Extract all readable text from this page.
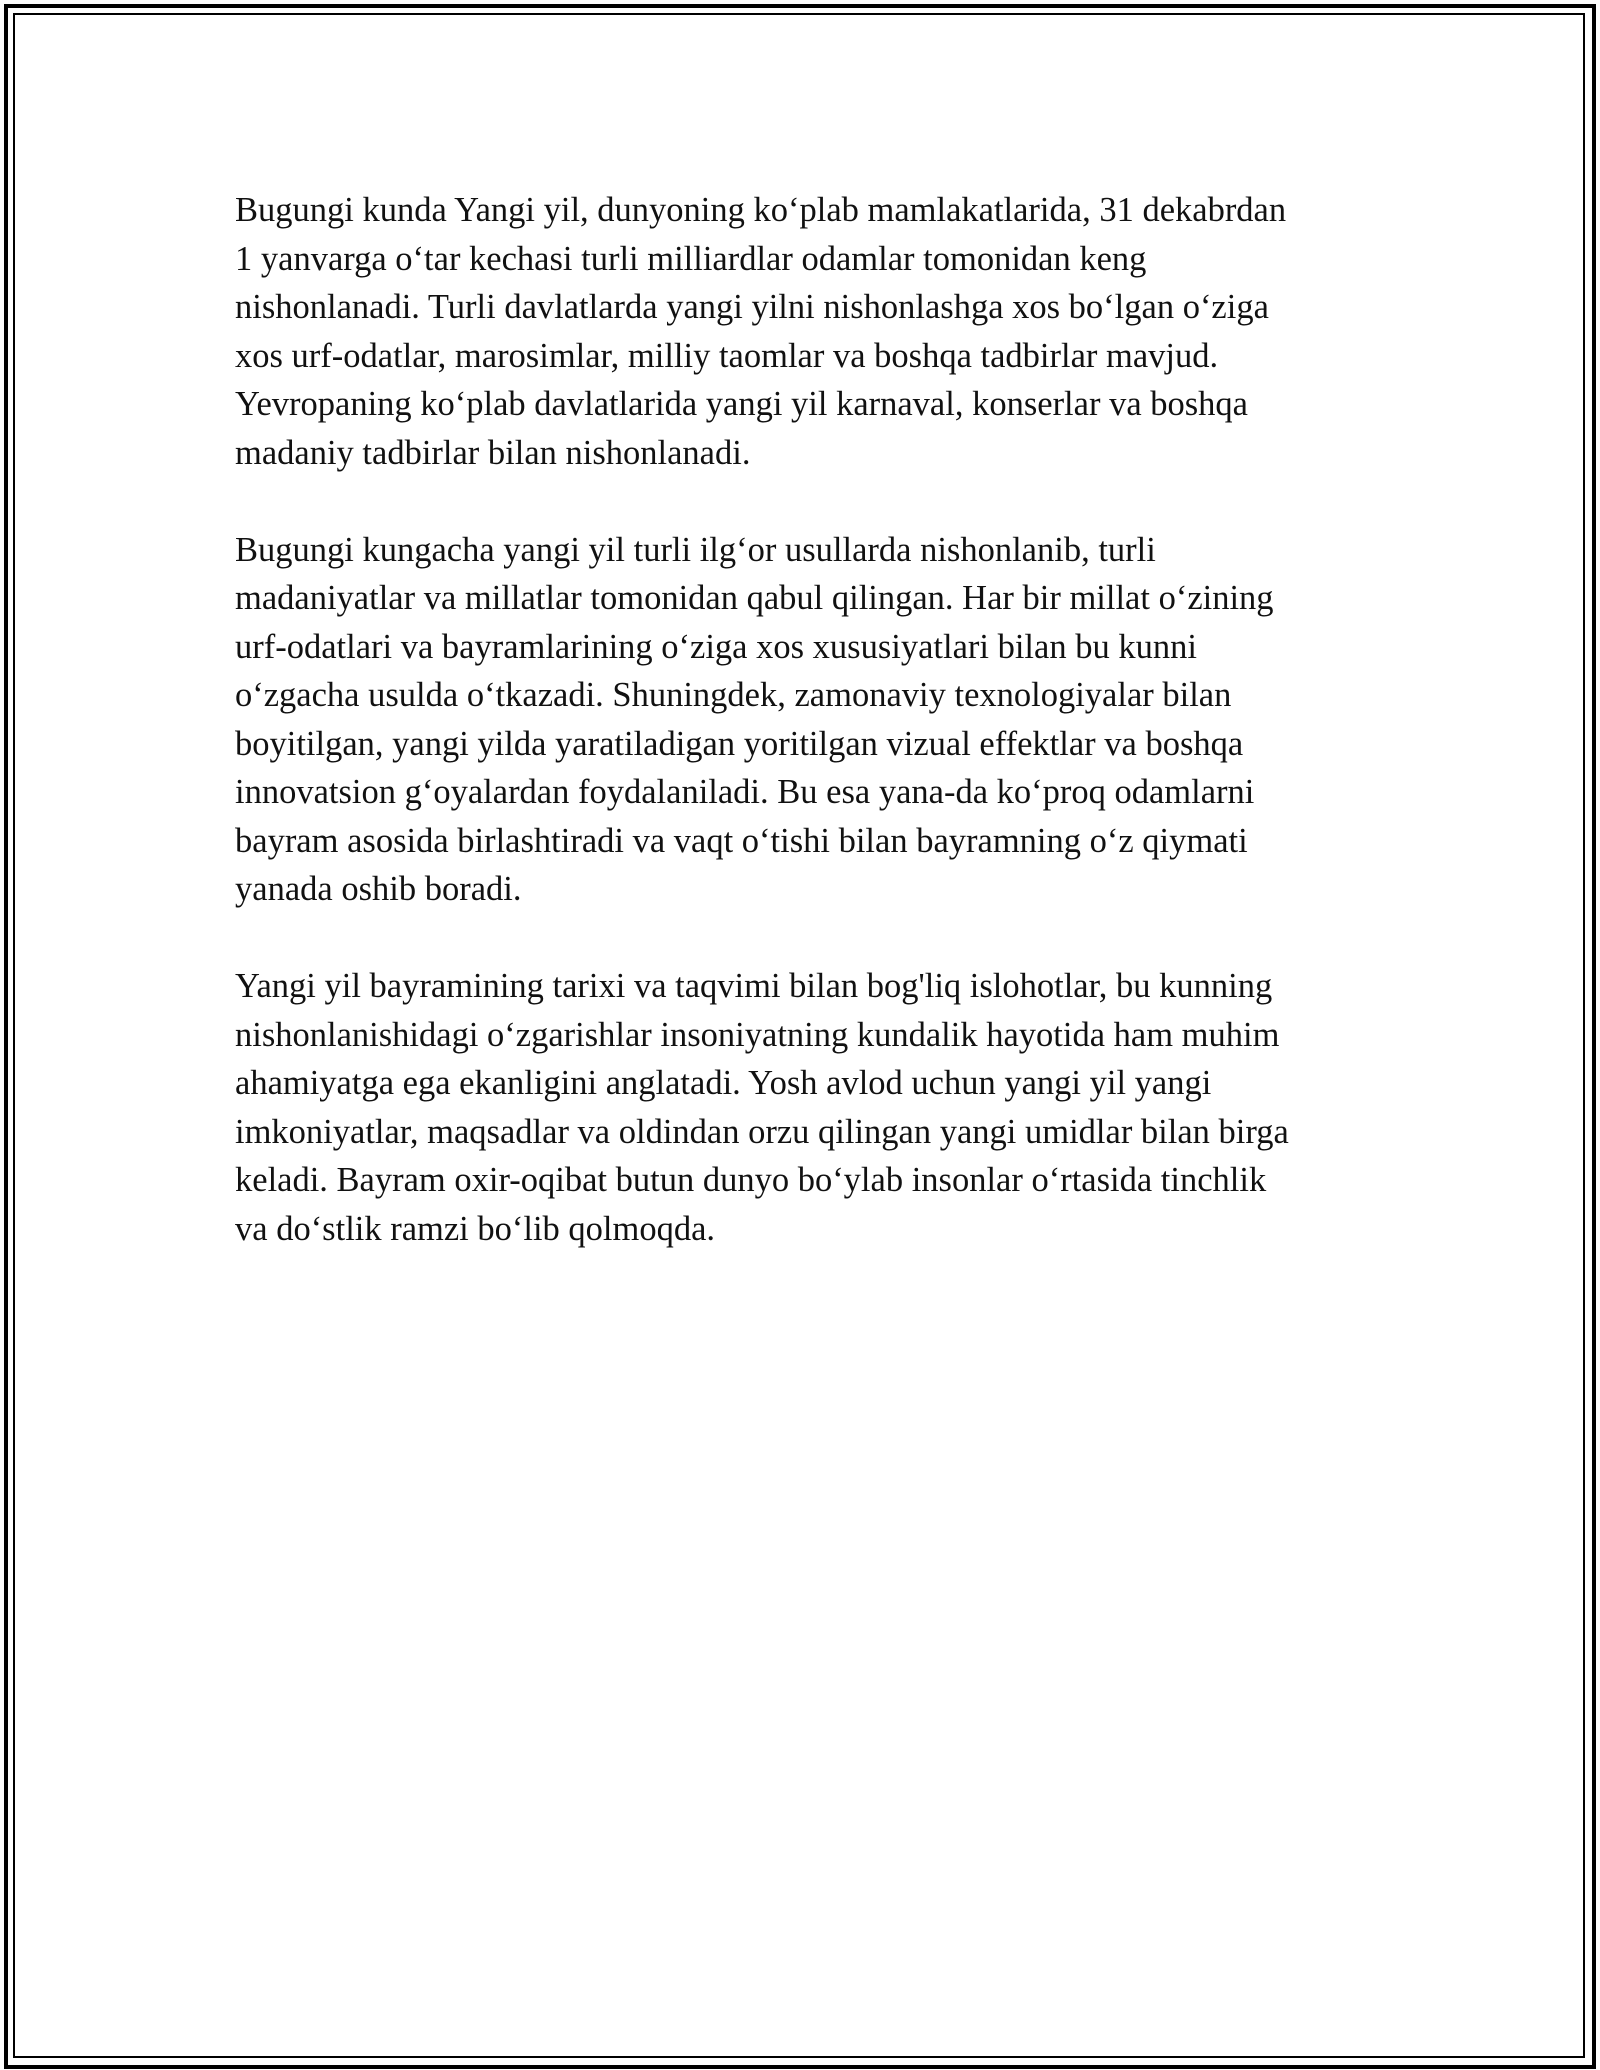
Bugungi kunda Yangi yil, dunyoning ko‘plab mamlakatlarida, 31 dekabrdan
1 yanvarga o‘tar kechasi turli milliardlar odamlar tomonidan keng
nishonlanadi. Turli davlatlarda yangi yilni nishonlashga xos bo‘lgan o‘ziga
xos urf-odatlar, marosimlar, milliy taomlar va boshqa tadbirlar mavjud.
Yevropaning ko‘plab davlatlarida yangi yil karnaval, konserlar va boshqa
madaniy tadbirlar bilan nishonlanadi.

Bugungi kungacha yangi yil turli ilg‘or usullarda nishonlanib, turli
madaniyatlar va millatlar tomonidan qabul qilingan. Har bir millat o‘zining
urf-odatlari va bayramlarining o‘ziga xos xususiyatlari bilan bu kunni
o‘zgacha usulda o‘tkazadi. Shuningdek, zamonaviy texnologiyalar bilan
boyitilgan, yangi yilda yaratiladigan yoritilgan vizual effektlar va boshqa
innovatsion g‘oyalardan foydalaniladi. Bu esa yana-da ko‘proq odamlarni
bayram asosida birlashtiradi va vaqt o‘tishi bilan bayramning o‘z qiymati
yanada oshib boradi.

Yangi yil bayramining tarixi va taqvimi bilan bog'liq islohotlar, bu kunning
nishonlanishidagi o‘zgarishlar insoniyatning kundalik hayotida ham muhim
ahamiyatga ega ekanligini anglatadi. Yosh avlod uchun yangi yil yangi
imkoniyatlar, maqsadlar va oldindan orzu qilingan yangi umidlar bilan birga
keladi. Bayram oxir-oqibat butun dunyo bo‘ylab insonlar o‘rtasida tinchlik
va do‘stlik ramzi bo‘lib qolmoqda.
